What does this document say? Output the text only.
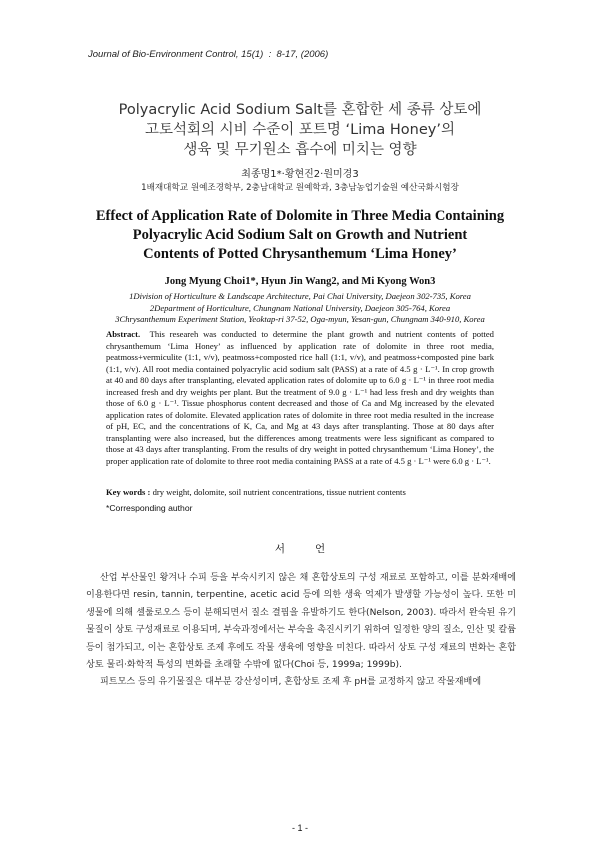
Journal of Bio-Environment Control, 15(1)  :  8-17, (2006)
Polyacrylic Acid Sodium Salt를 혼합한 세 종류 상토에
고토석회의 시비 수준이 포트명 ‘Lima Honey’의
생육 및 무기원소 흡수에 미치는 영향
최종명1*·황현진2·원미경3
1배재대학교 원예조경학부, 2충남대학교 원예학과, 3충남농업기술원 예산국화시험장
Effect of Application Rate of Dolomite in Three Media Containing
Polyacrylic Acid Sodium Salt on Growth and Nutrient
Contents of Potted Chrysanthemum ‘Lima Honey’
Jong Myung Choi1*, Hyun Jin Wang2, and Mi Kyong Won3
1Division of Horticulture & Landscape Architecture, Pai Chai University, Daejeon 302-735, Korea
2Department of Horticulture, Chungnam National University, Daejeon 305-764, Korea
3Chrysanthemum Experiment Station, Yeoktap-ri 37-52, Oga-myun, Yesan-gun, Chungnam 340-910, Korea
Abstract. This researeh was conducted to determine the plant growth and nutrient contents of potted chrysanthemum ‘Lima Honey’ as influenced by application rate of dolomite in three root media, peatmoss+vermiculite (1:1, v/v), peatmoss+composted rice hall (1:1, v/v), and peatmoss+composted pine bark (1:1, v/v). All root media contained polyacrylic acid sodium salt (PASS) at a rate of 4.5 g · L⁻¹. In crop growth at 40 and 80 days after transplanting, elevated application rates of dolomite up to 6.0 g · L⁻¹ in three root media increased fresh and dry weights per plant. But the treatment of 9.0 g · L⁻¹ had less fresh and dry weights than those of 6.0 g · L⁻¹. Tissue phosphorus content decreased and those of Ca and Mg increased by the elevated application rates of dolomite. Elevated application rates of dolomite in three root media resulted in the increase of pH, EC, and the concentrations of K, Ca, and Mg at 43 days after transplanting. Those at 80 days after transplanting were also increased, but the differences among treatments were less significant as compared to those at 43 days after transplanting. From the results of dry weight in potted chrysanthemum ‘Lima Honey’, the proper application rate of dolomite to three root media containing PASS at a rate of 4.5 g · L⁻¹ were 6.0 g · L⁻¹.
Key words : dry weight, dolomite, soil nutrient concentrations, tissue nutrient contents
*Corresponding author
서언

산업 부산물인 왕겨나 수피 등을 부숙시키지 않은 채 혼합상토의 구성 재료로 포함하고, 이를 분화재배에 이용한다면 resin, tannin, terpentine, acetic acid 등에 의한 생육 억제가 발생할 가능성이 높다. 또한 미생물에 의해 셀룰로오스 등이 분해되면서 질소 결핍을 유발하기도 한다(Nelson, 2003). 따라서 완숙된 유기물질이 상토 구성재료로 이용되며, 부숙과정에서는 부숙을 촉진시키기 위하여 일정한 양의 질소, 인산 및 칼륨 등이 첨가되고, 이는 혼합상토 조제 후에도 작물 생육에 영향을 미친다. 따라서 상토 구성 재료의 변화는 혼합 상토 물리·화학적 특성의 변화를 초래할 수밖에 없다(Choi 등, 1999a; 1999b).

피트모스 등의 유기물질은 대부분 강산성이며, 혼합상토 조제 후 pH를 교정하지 않고 작물재배에

- 1 -
